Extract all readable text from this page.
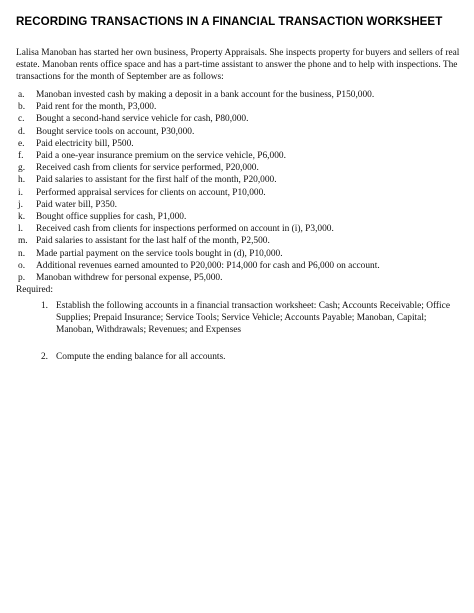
RECORDING TRANSACTIONS IN A FINANCIAL TRANSACTION WORKSHEET

Lalisa Manoban has started her own business, Property Appraisals. She inspects property for buyers and sellers of real estate. Manoban rents office space and has a part-time assistant to answer the phone and to help with inspections. The transactions for the month of September are as follows:

a.	Manoban invested cash by making a deposit in a bank account for the business, P150,000.
b.	Paid rent for the month, P3,000.
c.	Bought a second-hand service vehicle for cash, P80,000.
d.	Bought service tools on account, P30,000.
e.	Paid electricity bill, P500.
f.	Paid a one-year insurance premium on the service vehicle, P6,000.
g.	Received cash from clients for service performed, P20,000.
h.	Paid salaries to assistant for the first half of the month, P20,000.
i.	Performed appraisal services for clients on account, P10,000.
j.	Paid water bill, P350.
k.	Bought office supplies for cash, P1,000.
l.	Received cash from clients for inspections performed on account in (i), P3,000.
m. Paid salaries to assistant for the last half of the month, P2,500.
n.	Made partial payment on the service tools bought in (d), P10,000.
o.	Additional revenues earned amounted to P20,000: P14,000 for cash and P6,000 on account.
p.	Manoban withdrew for personal expense, P5,000.
Required:
1. Establish the following accounts in a financial transaction worksheet: Cash; Accounts Receivable; Office Supplies; Prepaid Insurance; Service Tools; Service Vehicle; Accounts Payable; Manoban, Capital; Manoban, Withdrawals; Revenues; and Expenses
2. Compute the ending balance for all accounts.
